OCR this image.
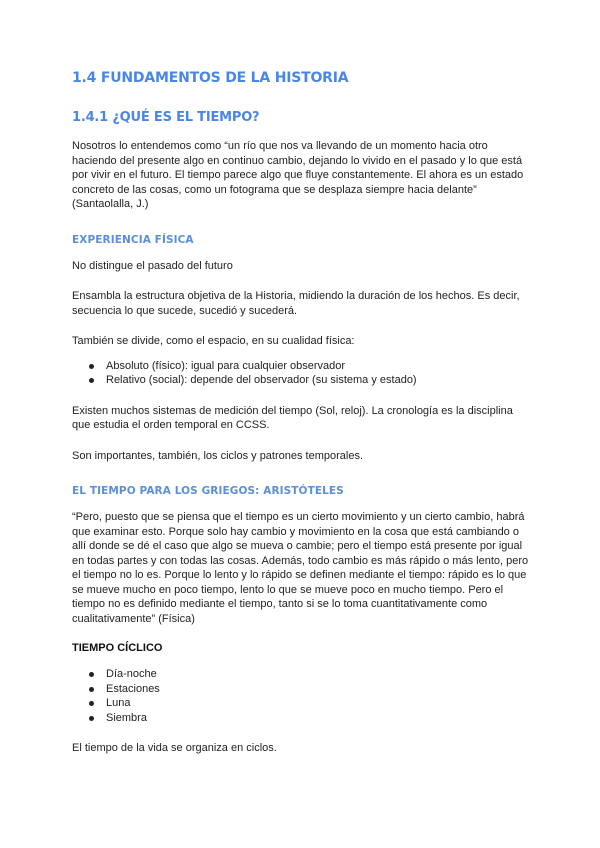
1.4 FUNDAMENTOS DE LA HISTORIA
1.4.1 ¿QUÉ ES EL TIEMPO?

Nosotros lo entendemos como “un río que nos va llevando de un momento hacia otro haciendo del presente algo en continuo cambio, dejando lo vivido en el pasado y lo que está por vivir en el futuro. El tiempo parece algo que fluye constantemente. El ahora es un estado concreto de las cosas, como un fotograma que se desplaza siempre hacia delante” (Santaolalla, J.)

EXPERIENCIA FÍSICA

No distingue el pasado del futuro

Ensambla la estructura objetiva de la Historia, midiendo la duración de los hechos. Es decir, secuencia lo que sucede, sucedió y sucederá.

También se divide, como el espacio, en su cualidad física:

Absoluto (físico): igual para cualquier observador
Relativo (social): depende del observador (su sistema y estado)

Existen muchos sistemas de medición del tiempo (Sol, reloj). La cronología es la disciplina que estudia el orden temporal en CCSS.

Son importantes, también, los ciclos y patrones temporales.

EL TIEMPO PARA LOS GRIEGOS: ARISTÓTELES

“Pero, puesto que se piensa que el tiempo es un cierto movimiento y un cierto cambio, habrá que examinar esto. Porque solo hay cambio y movimiento en la cosa que está cambiando o allí donde se dé el caso que algo se mueva o cambie; pero el tiempo está presente por igual en todas partes y con todas las cosas. Además, todo cambio es más rápido o más lento, pero el tiempo no lo es. Porque lo lento y lo rápido se definen mediante el tiempo: rápido es lo que se mueve mucho en poco tiempo, lento lo que se mueve poco en mucho tiempo. Pero el tiempo no es definido mediante el tiempo, tanto si se lo toma cuantitativamente como cualitativamente” (Física)

TIEMPO CÍCLICO
Día-noche
Estaciones
Luna
Siembra

El tiempo de la vida se organiza en ciclos.
